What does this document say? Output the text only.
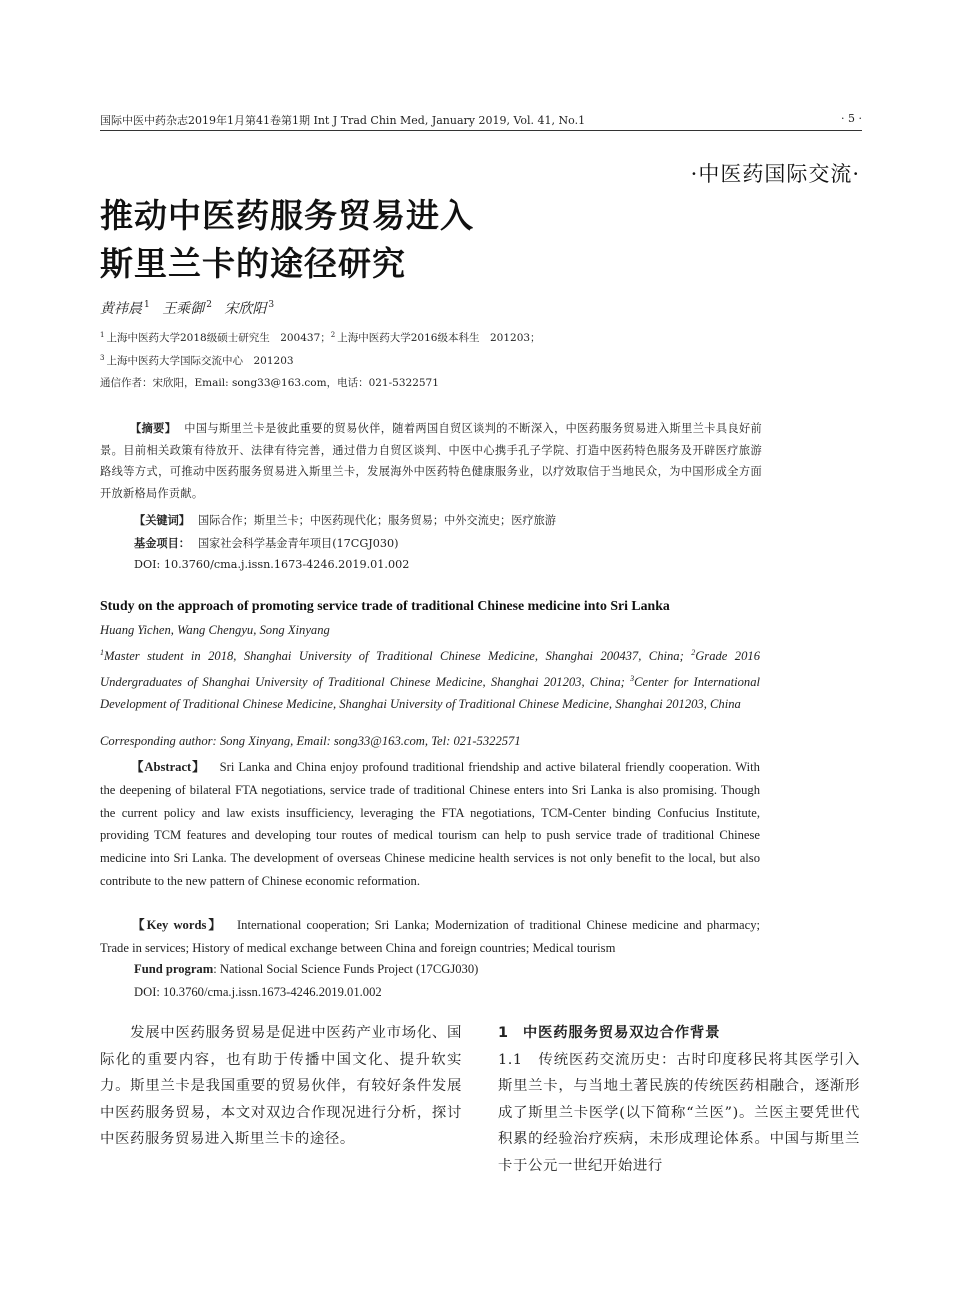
国际中医中药杂志2019年1月第41卷第1期 Int J Trad Chin Med, January 2019, Vol. 41, No.1	· 5 ·
·中医药国际交流·
推动中医药服务贸易进入
斯里兰卡的途径研究
黄祎晨 $^1$ 王乘御 $^2$ 宋欣阳 $^3$
$^1$ 上海中医药大学2018级硕士研究生　200437；$^2$ 上海中医药大学2016级本科生　201203；
$^3$ 上海中医药大学国际交流中心　201203
通信作者：宋欣阳，Email: song33@163.com，电话：021-5322571
【摘要】 中国与斯里兰卡是彼此重要的贸易伙伴，随着两国自贸区谈判的不断深入，中医药服务贸易进入斯里兰卡具良好前景。目前相关政策有待放开、法律有待完善，通过借力自贸区谈判、中医中心携手孔子学院、打造中医药特色服务及开辟医疗旅游路线等方式，可推动中医药服务贸易进入斯里兰卡，发展海外中医药特色健康服务业，以疗效取信于当地民众，为中国形成全方面开放新格局作贡献。
【关键词】 国际合作；斯里兰卡；中医药现代化；服务贸易；中外交流史；医疗旅游
基金项目： 国家社会科学基金青年项目(17CGJ030)
DOI: 10.3760/cma.j.issn.1673-4246.2019.01.002
Study on the approach of promoting service trade of traditional Chinese medicine into Sri Lanka
Huang Yichen, Wang Chengyu, Song Xinyang
$^1$Master student in 2018, Shanghai University of Traditional Chinese Medicine, Shanghai 200437, China; $^2$Grade 2016 Undergraduates of Shanghai University of Traditional Chinese Medicine, Shanghai 201203, China; $^3$Center for International Development of Traditional Chinese Medicine, Shanghai University of Traditional Chinese Medicine, Shanghai 201203, China
Corresponding author: Song Xinyang, Email: song33@163.com, Tel: 021-5322571
【Abstract】 Sri Lanka and China enjoy profound traditional friendship and active bilateral friendly cooperation. With the deepening of bilateral FTA negotiations, service trade of traditional Chinese enters into Sri Lanka is also promising. Though the current policy and law exists insufficiency, leveraging the FTA negotiations, TCM-Center binding Confucius Institute, providing TCM features and developing tour routes of medical tourism can help to push service trade of traditional Chinese medicine into Sri Lanka. The development of overseas Chinese medicine health services is not only benefit to the local, but also contribute to the new pattern of Chinese economic reformation.
【Key words】 International cooperation; Sri Lanka; Modernization of traditional Chinese medicine and pharmacy; Trade in services; History of medical exchange between China and foreign countries; Medical tourism
Fund program: National Social Science Funds Project (17CGJ030)
DOI: 10.3760/cma.j.issn.1673-4246.2019.01.002
发展中医药服务贸易是促进中医药产业市场化、国际化的重要内容，也有助于传播中国文化、提升软实力。斯里兰卡是我国重要的贸易伙伴，有较好条件发展中医药服务贸易，本文对双边合作现况进行分析，探讨中医药服务贸易进入斯里兰卡的途径。
1 中医药服务贸易双边合作背景
1.1　传统医药交流历史：古时印度移民将其医学引入斯里兰卡，与当地土著民族的传统医药相融合，逐渐形成了斯里兰卡医学(以下简称“兰医”)。兰医主要凭世代积累的经验治疗疾病，未形成理论体系。中国与斯里兰卡于公元一世纪开始进行
